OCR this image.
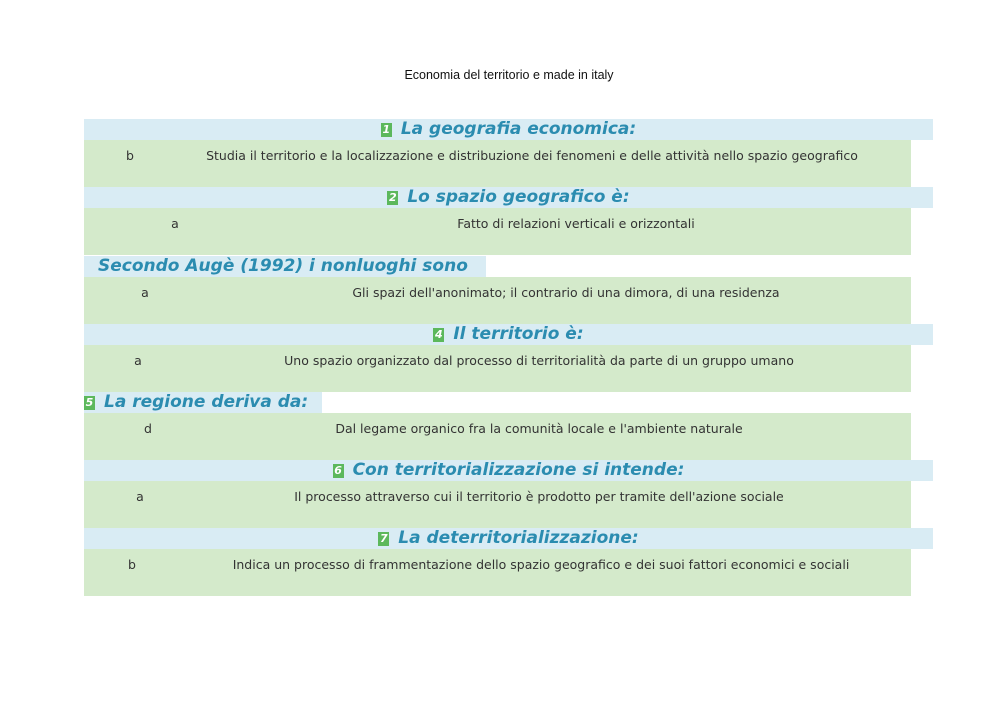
Economia del territorio e made in italy
1 La geografia economica:
b	Studia il territorio e la localizzazione e distribuzione dei fenomeni e delle attività nello spazio geografico
2 Lo spazio geografico è:
a	Fatto di relazioni verticali e orizzontali
Secondo Augè (1992) i nonluoghi sono
a	Gli spazi dell'anonimato; il contrario di una dimora, di una residenza
4 Il territorio è:
a	Uno spazio organizzato dal processo di territorialità da parte di un gruppo umano
5 La regione deriva da:
d	Dal legame organico fra la comunità locale e l'ambiente naturale
6 Con territorializzazione si intende:
a	Il processo attraverso cui il territorio è prodotto per tramite dell'azione sociale
7 La deterritorializzazione:
b	Indica un processo di frammentazione dello spazio geografico e dei suoi fattori economici e sociali
